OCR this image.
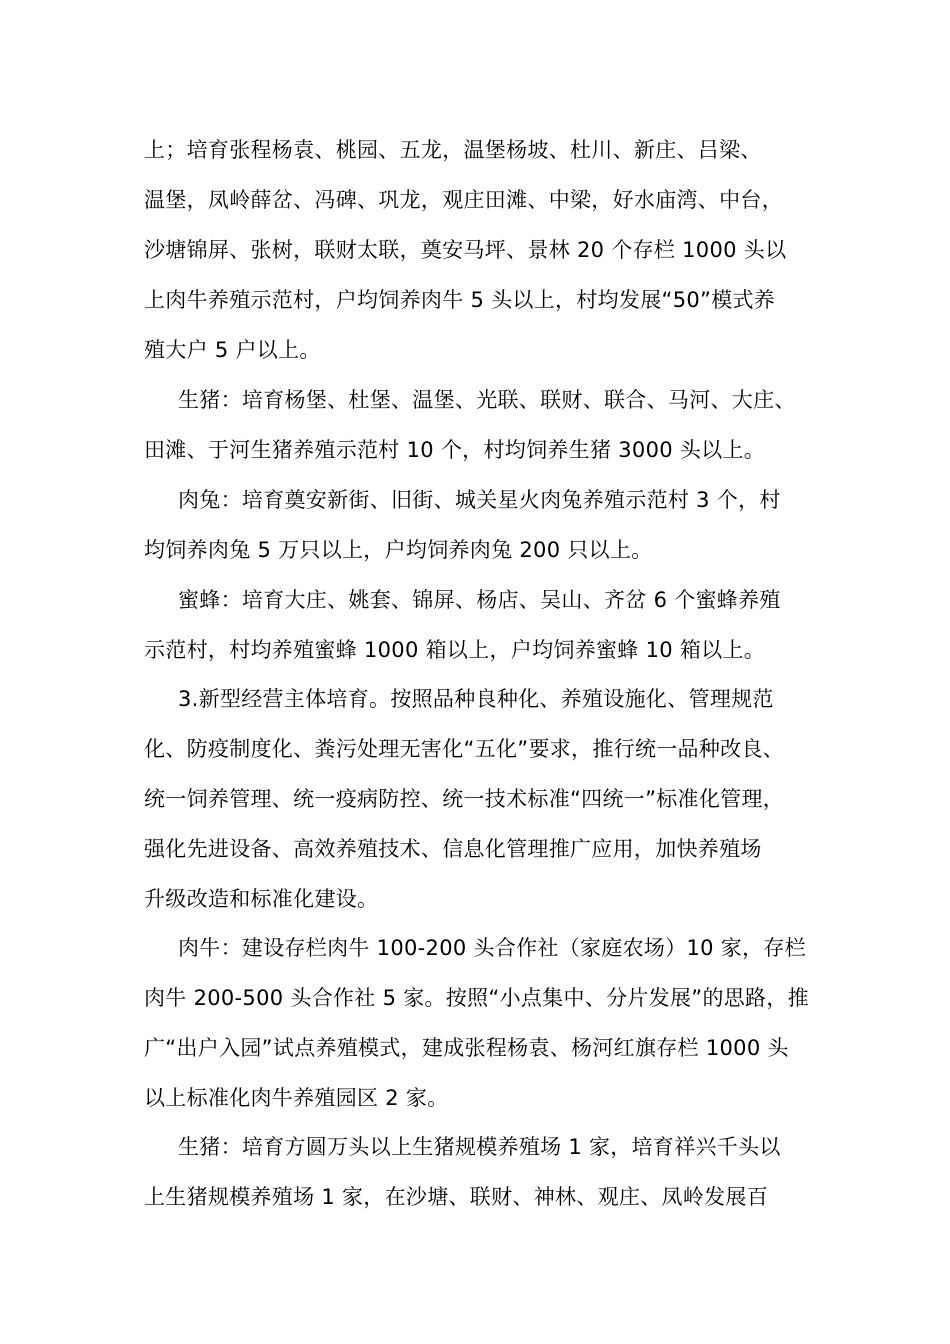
上；培育张程杨袁、桃园、五龙，温堡杨坡、杜川、新庄、吕梁、
温堡，凤岭薛岔、冯碑、巩龙，观庄田滩、中梁，好水庙湾、中台，
沙塘锦屏、张树，联财太联，奠安马坪、景林 20 个存栏 1000 头以
上肉牛养殖示范村，户均饲养肉牛 5 头以上，村均发展“50”模式养
殖大户 5 户以上。
生猪：培育杨堡、杜堡、温堡、光联、联财、联合、马河、大庄、
田滩、于河生猪养殖示范村 10 个，村均饲养生猪 3000 头以上。
肉兔：培育奠安新街、旧街、城关星火肉兔养殖示范村 3 个，村
均饲养肉兔 5 万只以上，户均饲养肉兔 200 只以上。
蜜蜂：培育大庄、姚套、锦屏、杨店、吴山、齐岔 6 个蜜蜂养殖
示范村，村均养殖蜜蜂 1000 箱以上，户均饲养蜜蜂 10 箱以上。
3.新型经营主体培育。按照品种良种化、养殖设施化、管理规范
化、防疫制度化、粪污处理无害化“五化”要求，推行统一品种改良、
统一饲养管理、统一疫病防控、统一技术标准“四统一”标准化管理，
强化先进设备、高效养殖技术、信息化管理推广应用，加快养殖场
升级改造和标准化建设。
肉牛：建设存栏肉牛 100-200 头合作社（家庭农场）10 家，存栏
肉牛 200-500 头合作社 5 家。按照“小点集中、分片发展”的思路，推
广“出户入园”试点养殖模式，建成张程杨袁、杨河红旗存栏 1000 头
以上标准化肉牛养殖园区 2 家。
生猪：培育方圆万头以上生猪规模养殖场 1 家，培育祥兴千头以
上生猪规模养殖场 1 家，在沙塘、联财、神林、观庄、凤岭发展百
